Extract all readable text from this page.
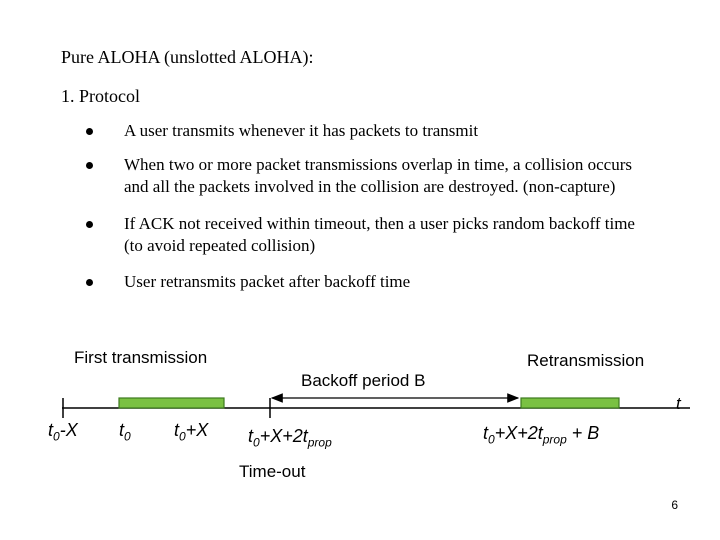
Pure ALOHA (unslotted ALOHA):
1. Protocol
A user transmits whenever it has packets to transmit
When two or more packet transmissions overlap in time, a collision occurs and all the packets involved in the collision are destroyed. (non-capture)
If ACK not received within timeout, then a user picks random backoff time (to avoid repeated collision)
User retransmits packet after backoff time
First transmission
Backoff period B
Retransmission
t
Time-out
$t_0-X$ $t_0$ $t_0+X$ $t_0+X+2t_{prop}$	$t_0+X+2t_{prop} + B$
6
